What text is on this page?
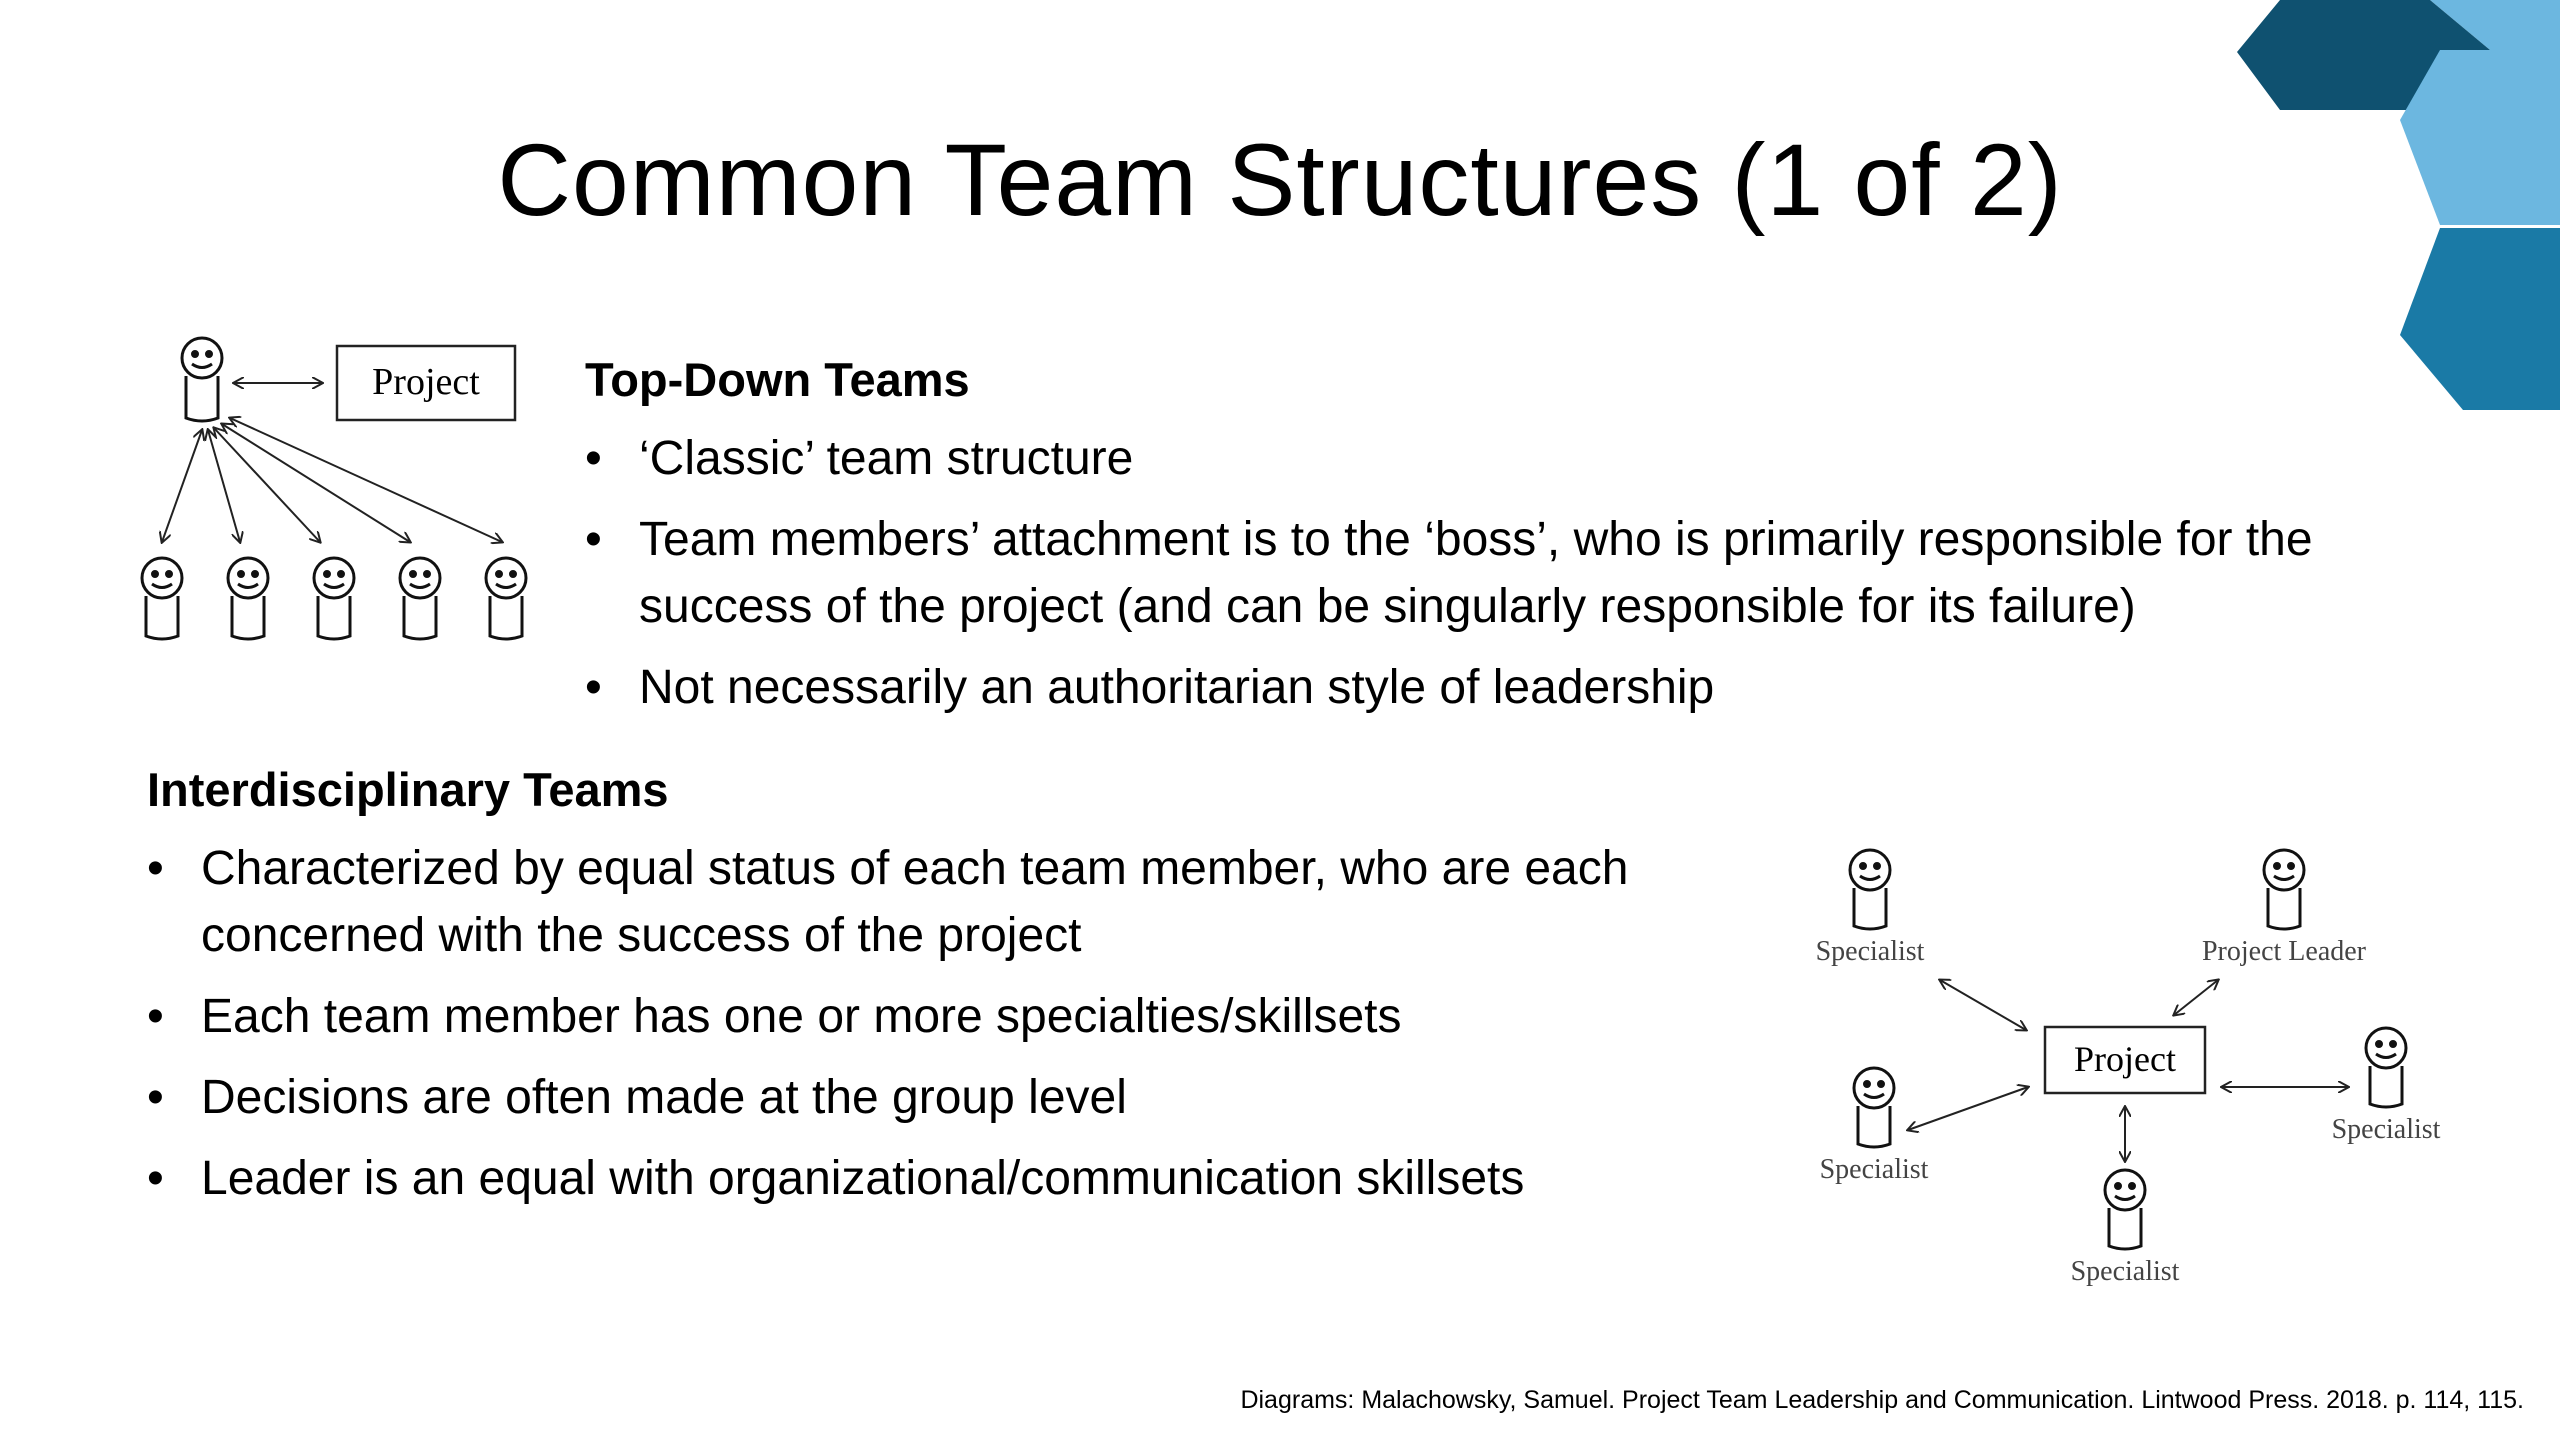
Common Team Structures (1 of 2)
Project Top-Down Teams
• ‘Classic’ team structure
• Team members’ attachment is to the ‘boss’, who is primarily responsible for the success of the project (and can be singularly responsible for its failure)
• Not necessarily an authoritarian style of leadership
Interdisciplinary Teams
• Characterized by equal status of each team member, who are each concerned with the success of the project
• Each team member has one or more specialties/skillsets
• Decisions are often made at the group level
• Leader is an equal with organizational/communication skillsets
Specialist	Project Leader
Project
Specialist
Specialist
Specialist
Diagrams: Malachowsky, Samuel. Project Team Leadership and Communication. Lintwood Press. 2018. p. 114, 115.
